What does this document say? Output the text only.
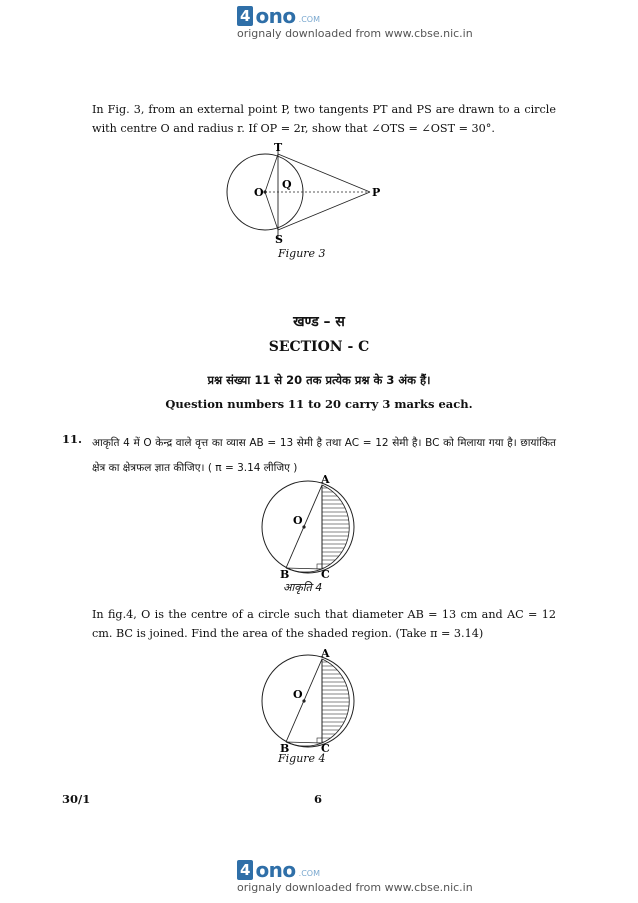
4 ono .COM
orignaly downloaded from www.cbse.nic.in
In Fig. 3, from an external point P, two tangents PT and PS are drawn to a circle with centre O and radius r. If OP = 2r, show that ∠OTS = ∠OST = 30°.
T
O
Q
P
S
Figure 3
खण्ड – स
SECTION - C
प्रश्न संख्या 11 से 20 तक प्रत्येक प्रश्न के 3 अंक हैं।
Question numbers 11 to 20 carry 3 marks each.
11. आकृति 4 में O केन्द्र वाले वृत्त का व्यास AB = 13 सेमी है तथा AC = 12 सेमी है। BC को मिलाया गया है। छायांकित क्षेत्र का क्षेत्रफल ज्ञात कीजिए। ( π = 3.14 लीजिए )
A
O
B	C
आकृति 4
In fig.4, O is the centre of a circle such that diameter AB = 13 cm and AC = 12 cm. BC is joined. Find the area of the shaded region. (Take π = 3.14)
A
O
B	C
Figure 4
30/1	6
4 ono .COM
orignaly downloaded from www.cbse.nic.in
